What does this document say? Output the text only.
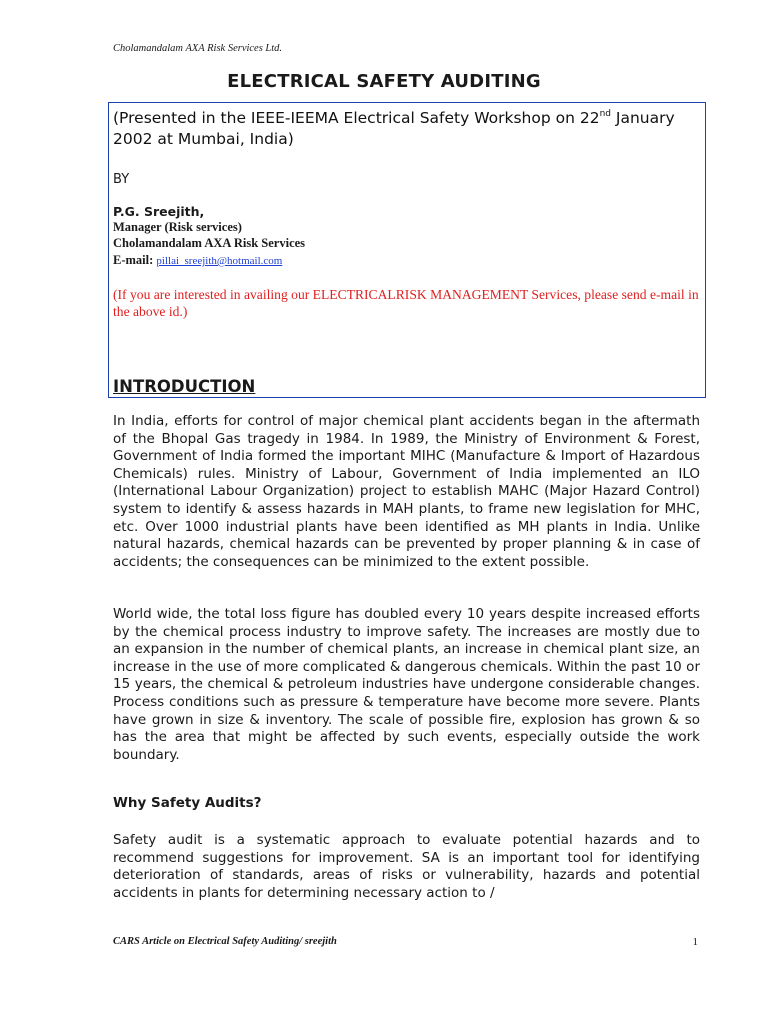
Cholamandalam AXA Risk Services Ltd.
ELECTRICAL SAFETY AUDITING
(Presented in the IEEE-IEEMA Electrical Safety Workshop on 22nd January 2002 at Mumbai, India)
BY
P.G. Sreejith,
Manager (Risk services)
Cholamandalam AXA Risk Services
E-mail: pillai_sreejith@hotmail.com
(If you are interested in availing our ELECTRICALRISK MANAGEMENT Services, please send e-mail in the above id.)
INTRODUCTION
In India, efforts for control of major chemical plant accidents began in the aftermath of the Bhopal Gas tragedy in 1984. In 1989, the Ministry of Environment & Forest, Government of India formed the important MIHC (Manufacture & Import of Hazardous Chemicals) rules. Ministry of Labour, Government of India implemented an ILO (International Labour Organization) project to establish MAHC (Major Hazard Control) system to identify & assess hazards in MAH plants, to frame new legislation for MHC, etc. Over 1000 industrial plants have been identified as MH plants in India. Unlike natural hazards, chemical hazards can be prevented by proper planning & in case of accidents; the consequences can be minimized to the extent possible.
World wide, the total loss figure has doubled every 10 years despite increased efforts by the chemical process industry to improve safety. The increases are mostly due to an expansion in the number of chemical plants, an increase in chemical plant size, an increase in the use of more complicated & dangerous chemicals. Within the past 10 or 15 years, the chemical & petroleum industries have undergone considerable changes. Process conditions such as pressure & temperature have become more severe. Plants have grown in size & inventory. The scale of possible fire, explosion has grown & so has the area that might be affected by such events, especially outside the work boundary.
Why Safety Audits?
Safety audit is a systematic approach to evaluate potential hazards and to recommend suggestions for improvement. SA is an important tool for identifying deterioration of standards, areas of risks or vulnerability, hazards and potential accidents in plants for determining necessary action to /
CARS Article on Electrical Safety Auditing/ sreejith	1
